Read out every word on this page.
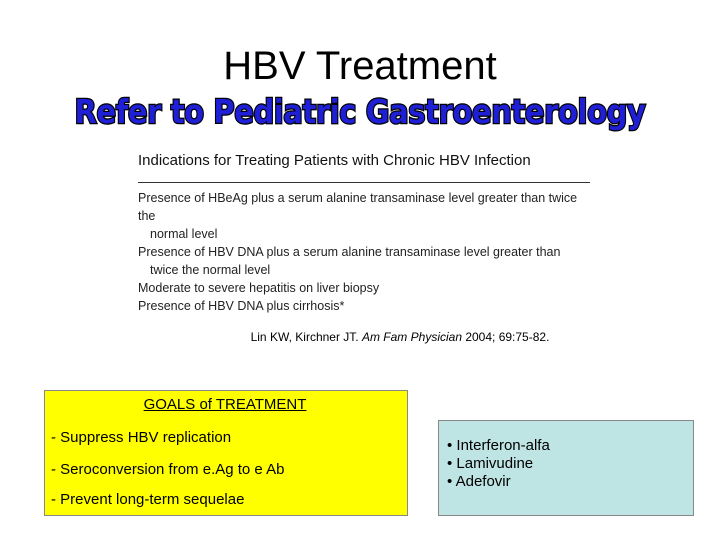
HBV Treatment
Refer to Pediatric Gastroenterology
Indications for Treating Patients with Chronic HBV Infection
Presence of HBeAg plus a serum alanine transaminase level greater than twice the
normal level
Presence of HBV DNA plus a serum alanine transaminase level greater than
twice the normal level
Moderate to severe hepatitis on liver biopsy
Presence of HBV DNA plus cirrhosis*
Lin KW, Kirchner JT. Am Fam Physician 2004; 69:75-82.
GOALS of TREATMENT
- Suppress HBV replication
- Seroconversion from e.Ag to e Ab
- Prevent long-term sequelae
• Interferon-alfa
• Lamivudine
• Adefovir
